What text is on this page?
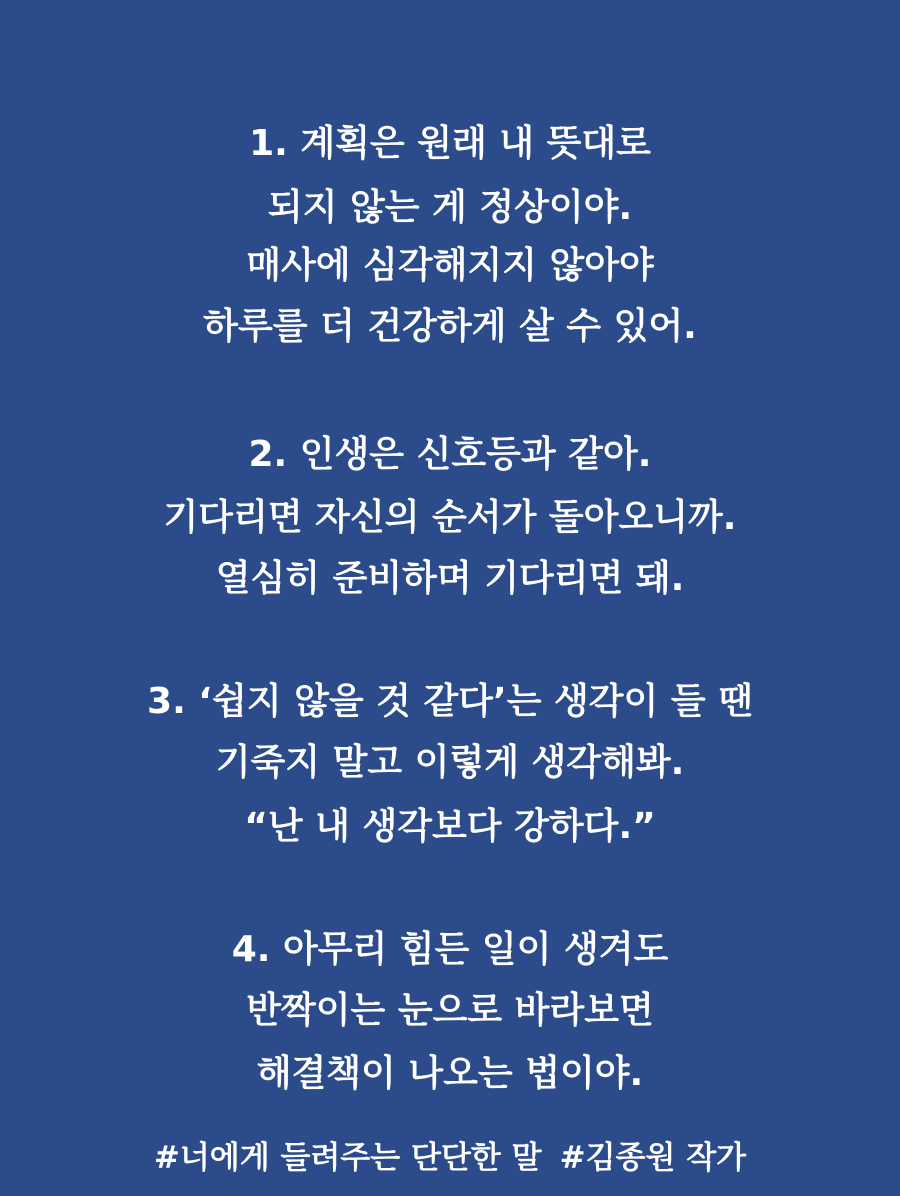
1. 계획은 원래 내 뜻대로
되지 않는 게 정상이야.
매사에 심각해지지 않아야
하루를 더 건강하게 살 수 있어.
2. 인생은 신호등과 같아.
기다리면 자신의 순서가 돌아오니까.
열심히 준비하며 기다리면 돼.
3. ‘쉽지 않을 것 같다’는 생각이 들 땐
기죽지 말고 이렇게 생각해봐.
“난 내 생각보다 강하다.”
4. 아무리 힘든 일이 생겨도
반짝이는 눈으로 바라보면
해결책이 나오는 법이야.
#너에게 들려주는 단단한 말 #김종원 작가
